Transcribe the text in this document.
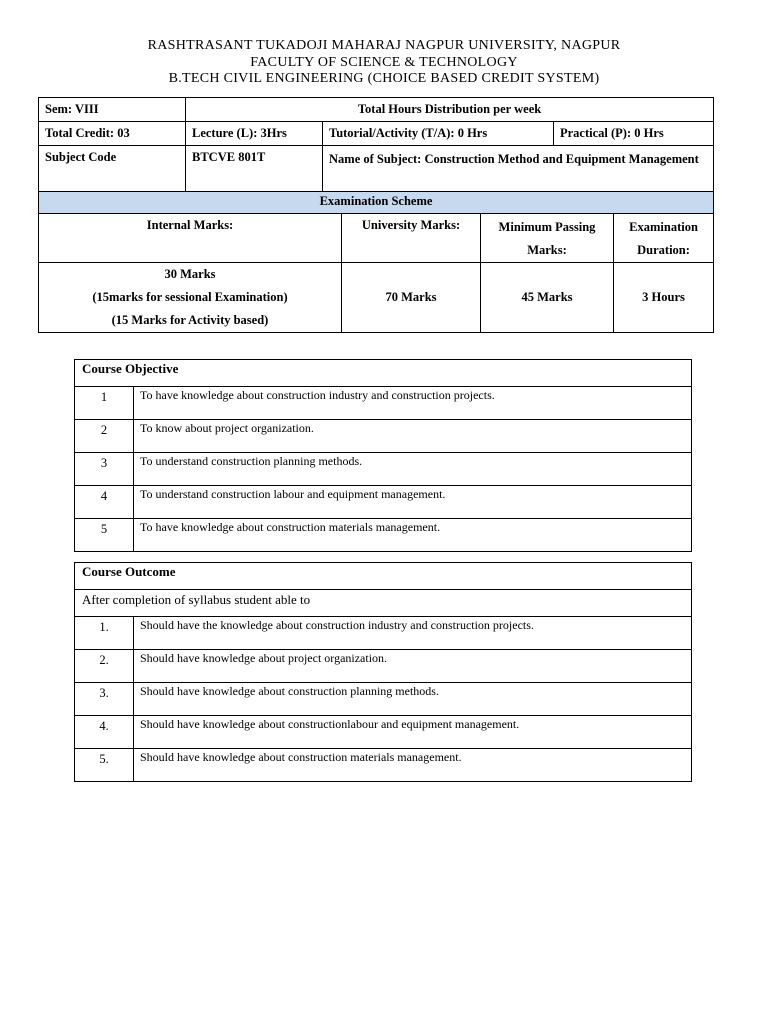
RASHTRASANT TUKADOJI MAHARAJ NAGPUR UNIVERSITY, NAGPUR
FACULTY OF SCIENCE & TECHNOLOGY
B.TECH CIVIL ENGINEERING (CHOICE BASED CREDIT SYSTEM)
Sem: VIII	Total Hours Distribution per week					
Total Credit: 03	Lecture (L): 3Hrs	Tutorial/Activity (T/A): 0 Hrs			Practical (P): 0 Hrs	
Subject Code	BTCVE 801T	Name of Subject: Construction Method and Equipment Management				
Examination Scheme						
Internal Marks:			University Marks:	Minimum Passing Marks:		Examination Duration:

30 Marks
(15marks for sessional Examination)
(15 Marks for Activity based)			70 Marks	45 Marks		3 Hours
Course Objective	
1	To have knowledge about construction industry and construction projects.
2	To know about project organization.
3	To understand construction planning methods.
4	To understand construction labour and equipment management.
5	To have knowledge about construction materials management.
Course Outcome	
After completion of syllabus student able to	
1.	Should have the knowledge about construction industry and construction projects.
2.	Should have knowledge about project organization.
3.	Should have knowledge about construction planning methods.
4.	Should have knowledge about constructionlabour and equipment management.
5.	Should have knowledge about construction materials management.
